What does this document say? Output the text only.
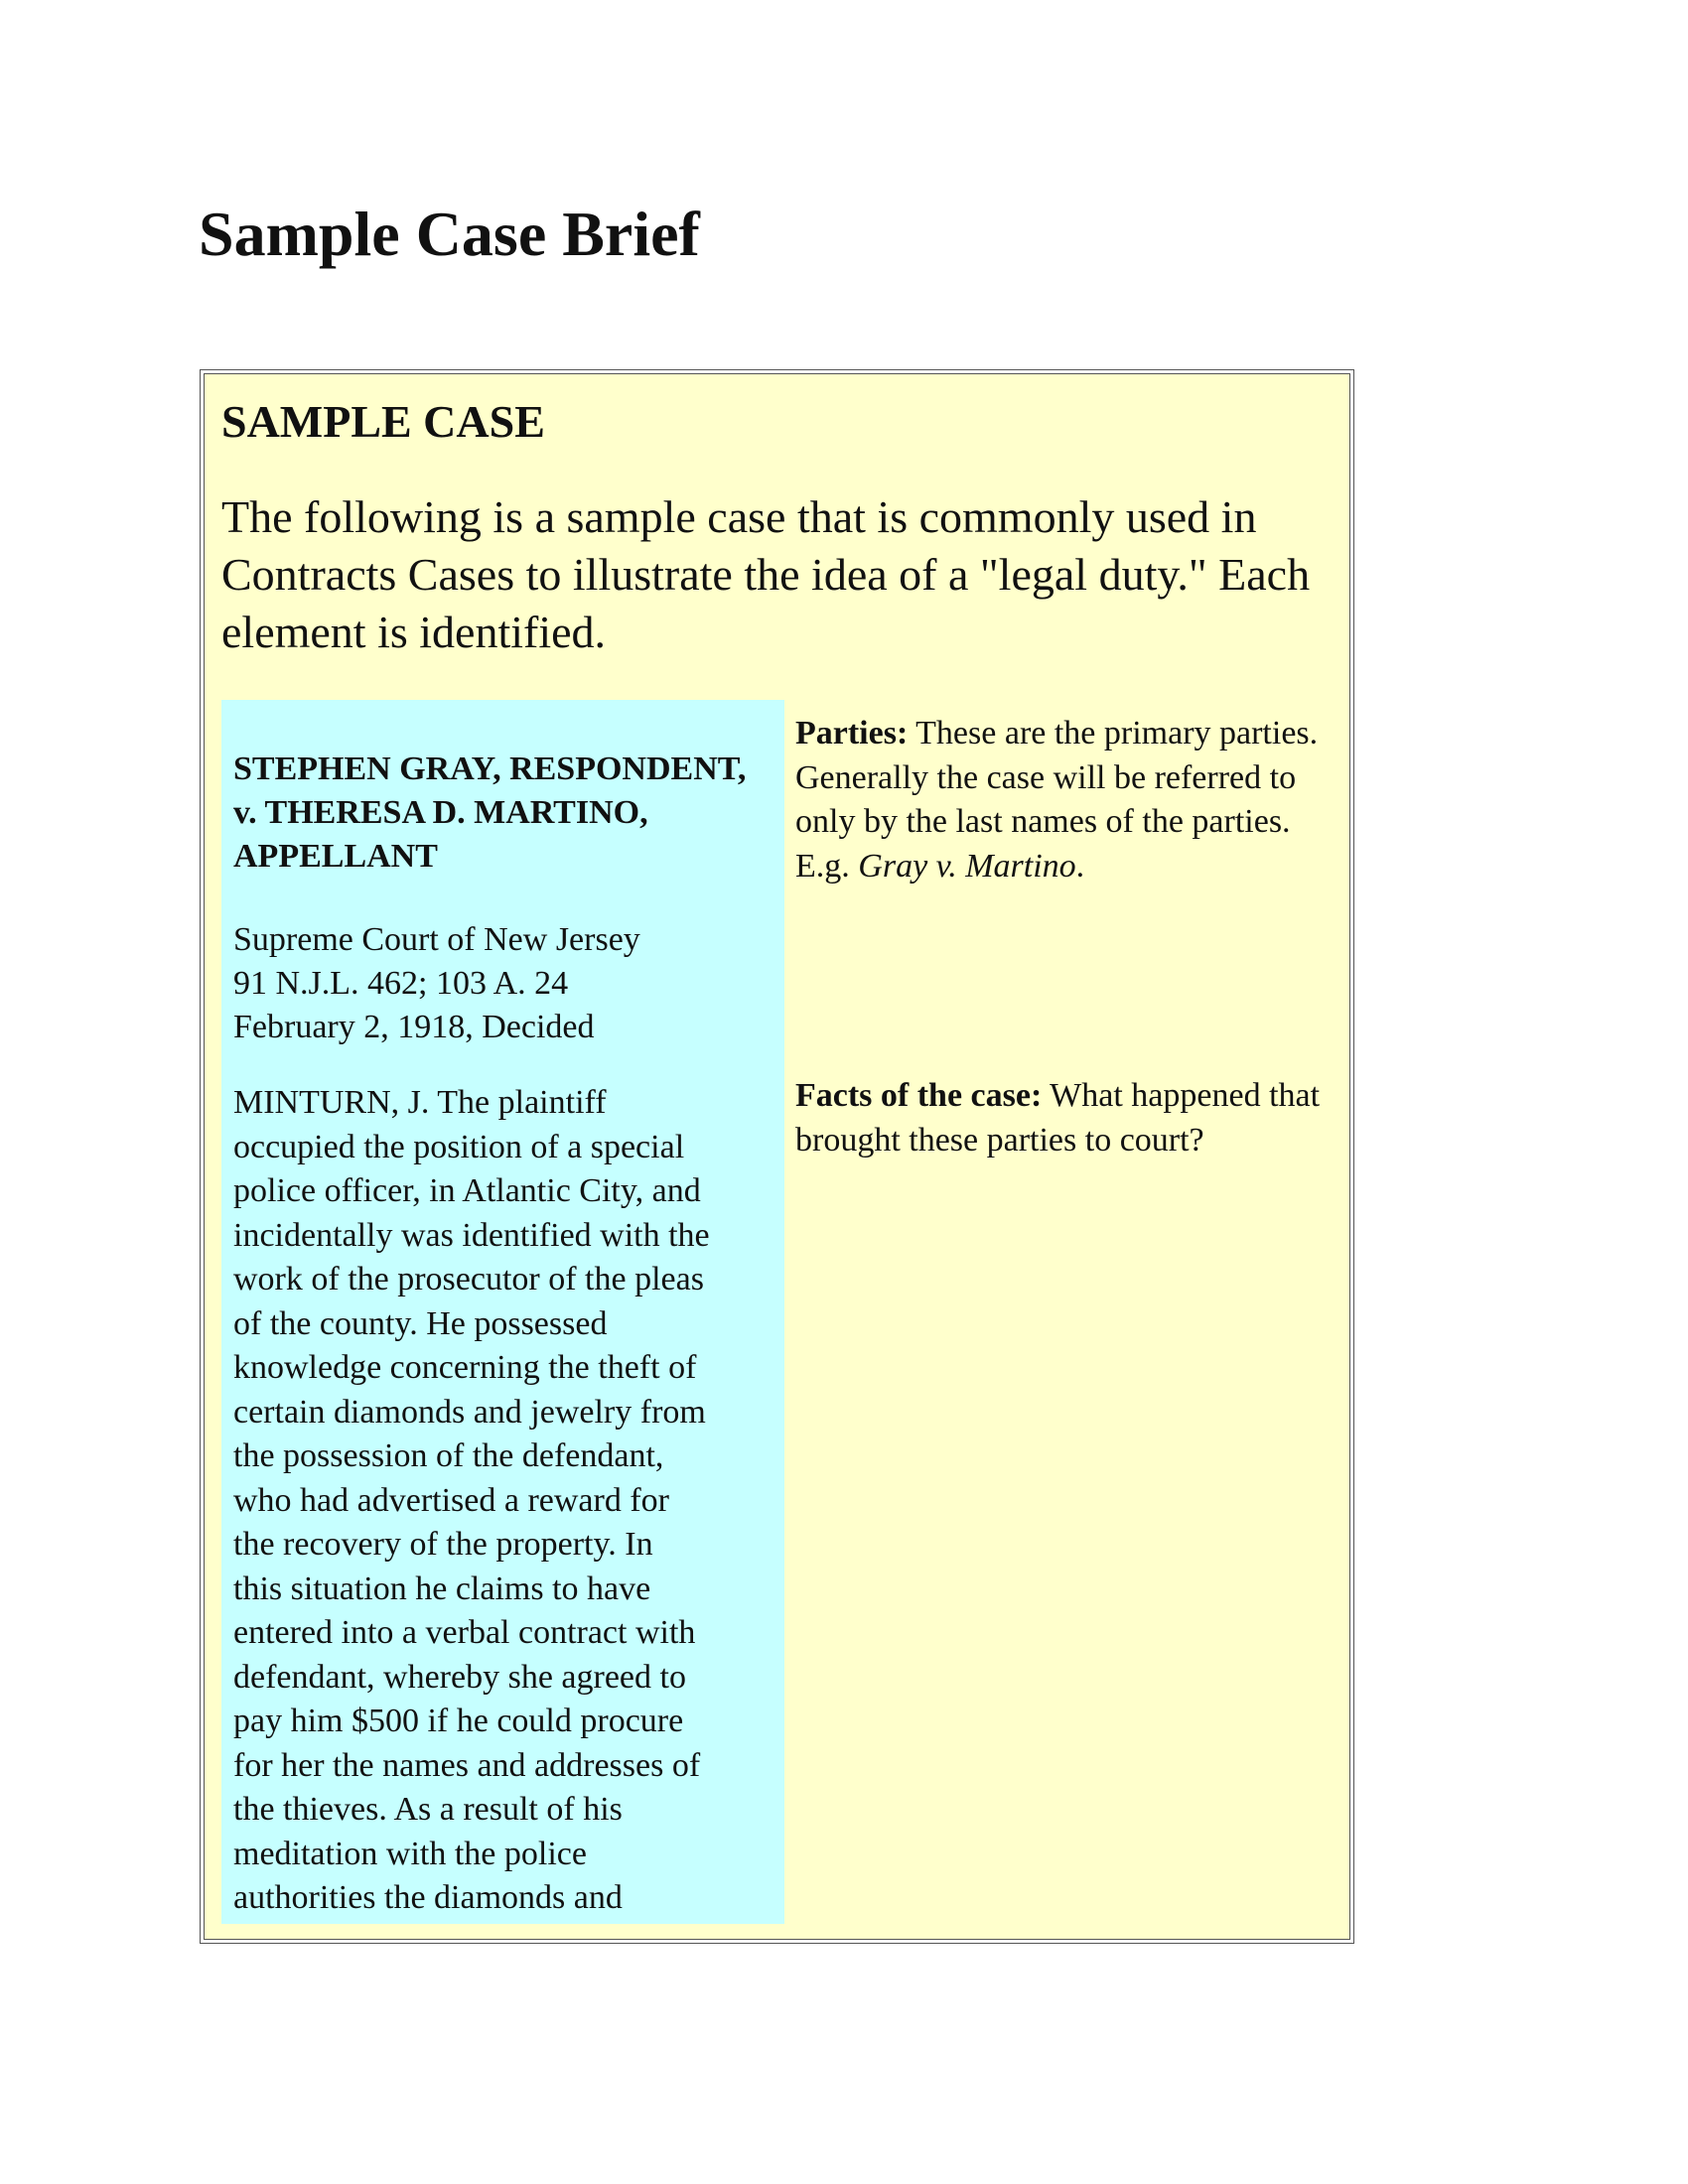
Sample Case Brief
SAMPLE CASE

The following is a sample case that is commonly used in Contracts Cases to illustrate the idea of a "legal duty." Each element is identified.

STEPHEN GRAY, RESPONDENT, v. THERESA D. MARTINO, APPELLANT

Supreme Court of New Jersey
91 N.J.L. 462; 103 A. 24
February 2, 1918, Decided

MINTURN, J. The plaintiff
occupied the position of a special
police officer, in Atlantic City, and
incidentally was identified with the
work of the prosecutor of the pleas
of the county. He possessed
knowledge concerning the theft of
certain diamonds and jewelry from
the possession of the defendant,
who had advertised a reward for
the recovery of the property. In
this situation he claims to have
entered into a verbal contract with
defendant, whereby she agreed to
pay him $500 if he could procure
for her the names and addresses of
the thieves. As a result of his
meditation with the police
authorities the diamonds and

Parties: These are the primary parties. Generally the case will be referred to only by the last names of the parties. E.g. Gray v. Martino.

Facts of the case: What happened that brought these parties to court?
